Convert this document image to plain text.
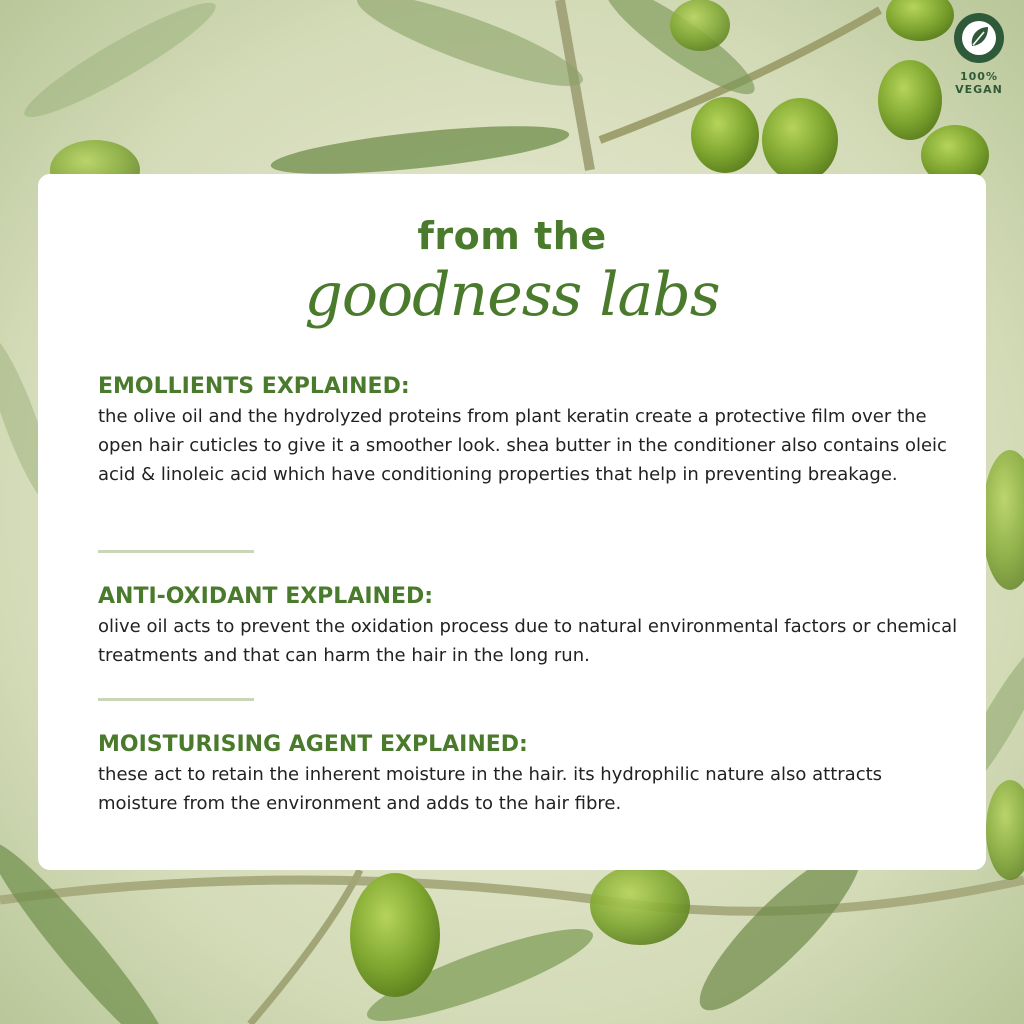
100%
VEGAN
from the
goodness labs

EMOLLIENTS EXPLAINED:

the olive oil and the hydrolyzed proteins from plant keratin create a protective film over the open hair cuticles to give it a smoother look. shea butter in the conditioner also contains oleic acid & linoleic acid which have conditioning properties that help in preventing breakage.

ANTI-OXIDANT EXPLAINED:

olive oil acts to prevent the oxidation process due to natural environmental factors or chemical treatments and that can harm the hair in the long run.

MOISTURISING AGENT EXPLAINED:

these act to retain the inherent moisture in the hair. its hydrophilic nature also attracts moisture from the environment and adds to the hair fibre.
